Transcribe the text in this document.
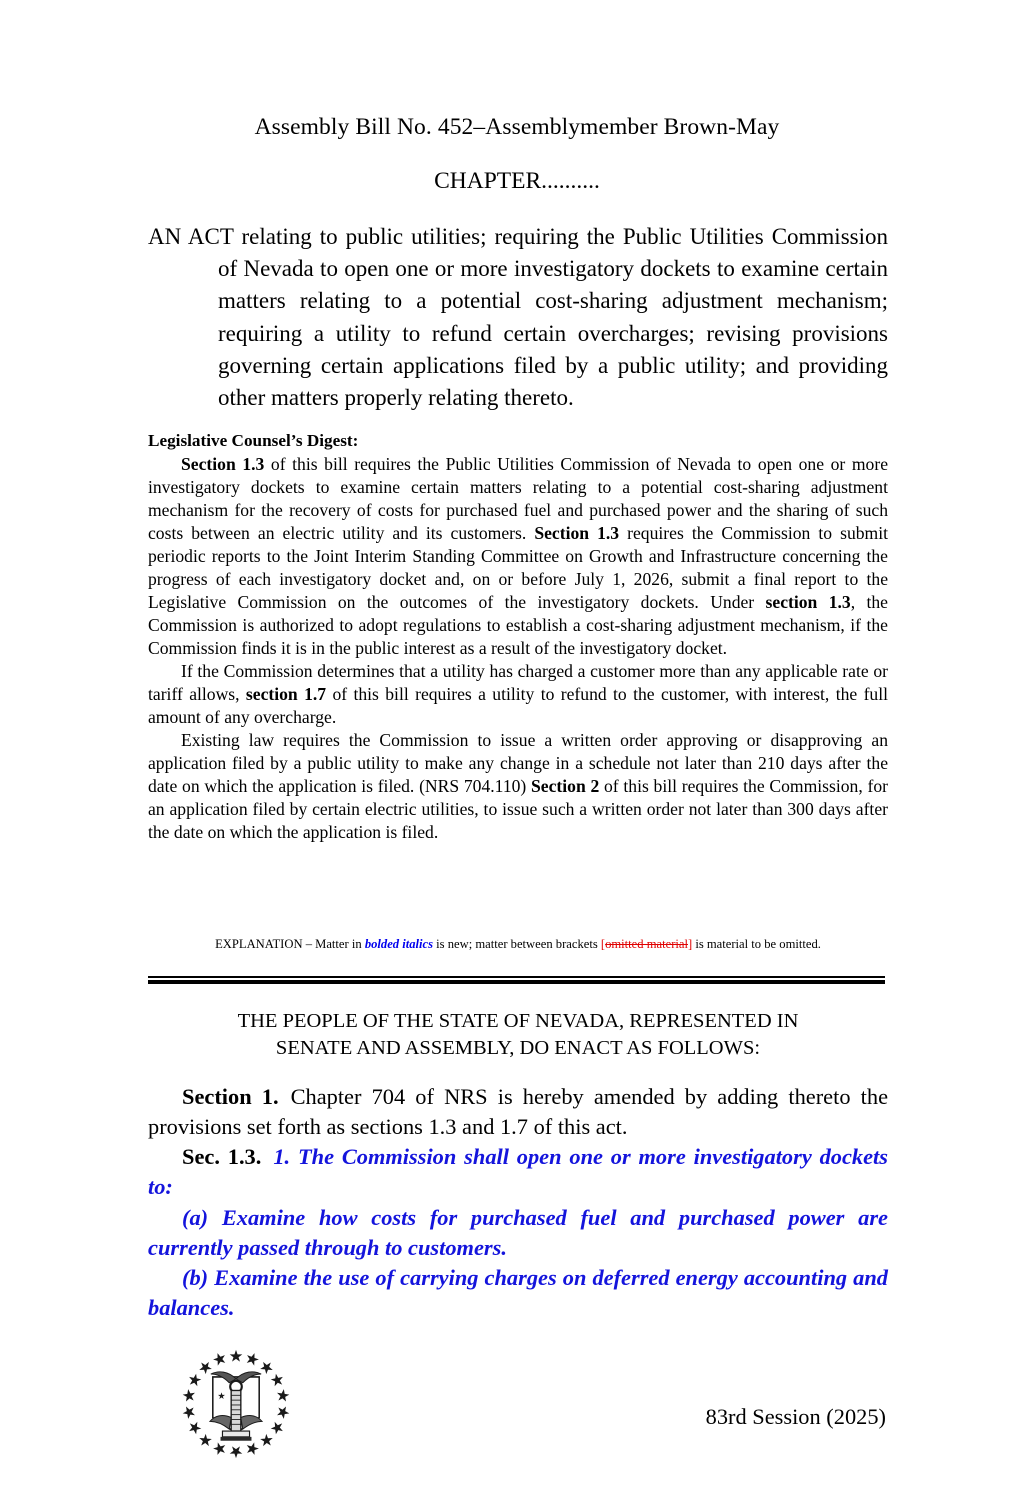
Assembly Bill No. 452–Assemblymember Brown-May
CHAPTER..........
AN ACT relating to public utilities; requiring the Public Utilities Commission of Nevada to open one or more investigatory dockets to examine certain matters relating to a potential cost-sharing adjustment mechanism; requiring a utility to refund certain overcharges; revising provisions governing certain applications filed by a public utility; and providing other matters properly relating thereto.
Legislative Counsel’s Digest:

Section 1.3 of this bill requires the Public Utilities Commission of Nevada to open one or more investigatory dockets to examine certain matters relating to a potential cost-sharing adjustment mechanism for the recovery of costs for purchased fuel and purchased power and the sharing of such costs between an electric utility and its customers. Section 1.3 requires the Commission to submit periodic reports to the Joint Interim Standing Committee on Growth and Infrastructure concerning the progress of each investigatory docket and, on or before July 1, 2026, submit a final report to the Legislative Commission on the outcomes of the investigatory dockets. Under section 1.3, the Commission is authorized to adopt regulations to establish a cost-sharing adjustment mechanism, if the Commission finds it is in the public interest as a result of the investigatory docket.

If the Commission determines that a utility has charged a customer more than any applicable rate or tariff allows, section 1.7 of this bill requires a utility to refund to the customer, with interest, the full amount of any overcharge.

Existing law requires the Commission to issue a written order approving or disapproving an application filed by a public utility to make any change in a schedule not later than 210 days after the date on which the application is filed. (NRS 704.110) Section 2 of this bill requires the Commission, for an application filed by certain electric utilities, to issue such a written order not later than 300 days after the date on which the application is filed.

EXPLANATION – Matter in bolded italics is new; matter between brackets [omitted material] is material to be omitted.
THE PEOPLE OF THE STATE OF NEVADA, REPRESENTED IN
SENATE AND ASSEMBLY, DO ENACT AS FOLLOWS:

Section 1. Chapter 704 of NRS is hereby amended by adding thereto the provisions set forth as sections 1.3 and 1.7 of this act.

Sec. 1.3. 1. The Commission shall open one or more investigatory dockets to:

(a) Examine how costs for purchased fuel and purchased power are currently passed through to customers.

(b) Examine the use of carrying charges on deferred energy accounting and balances.

83rd Session (2025)
